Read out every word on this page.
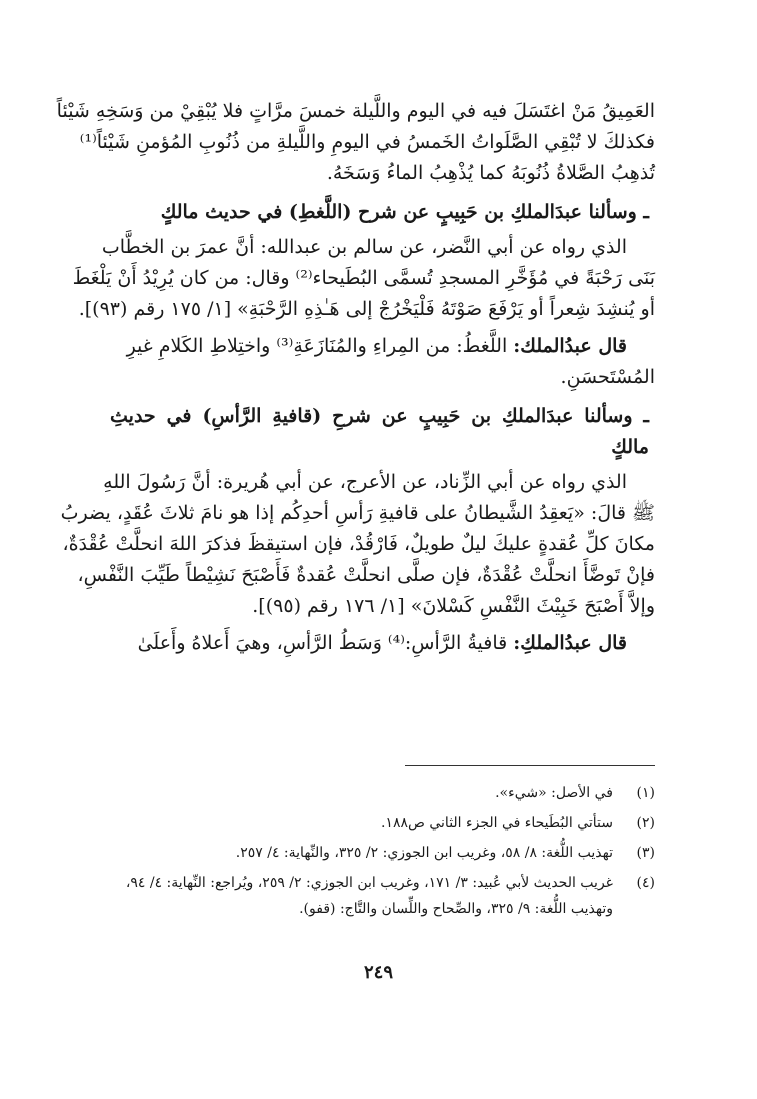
العَمِيقُ مَنْ اغتَسَلَ فيه في اليوم واللَّيلة خمسَ مرَّاتٍ فلا يُبْقِيْ من وَسَخِهِ شَيْئاً
فكذلكَ لا تُبْقِي الصَّلَواتُ الخَمسُ في اليومِ واللَّيلةِ من ذُنُوبِ المُؤمنِ شَيْئاً⁽¹⁾
تُذهِبُ الصَّلاةُ ذُنُوبَهُ كما يُذْهِبُ الماءُ وَسَخَهُ.
ـ وسألنا عبدَالملكِ بن حَبِيبٍ عن شرح (اللَّغطِ) في حديث مالكٍ
الذي رواه عن أبي النَّضر، عن سالم بن عبدالله: أنَّ عمرَ بن الخطَّاب
بَنَى رَحْبَةً في مُؤَخَّرِ المسجدِ تُسمَّى البُطَيحاء⁽²⁾ وقال: من كان يُرِيْدُ أَنْ يَلْغَطَ
أو يُنشِدَ شِعراً أو يَرْفَعَ صَوْتَهُ فَلْيَخْرُجْ إلى هَـٰذِهِ الرَّحْبَةِ» [١/ ١٧٥ رقم (٩٣)].
قال عبدُالملك: اللَّغطُ: من المِراءِ والمُنَازَعَةِ⁽³⁾ واختِلاطِ الكَلامِ غيرِ
المُسْتَحسَنِ.
ـ وسألنا عبدَالملكِ بن حَبِيبٍ عن شرحِ (قافيةِ الرَّأسِ) في حديثِ مالكٍ
الذي رواه عن أبي الزِّناد، عن الأعرج، عن أبي هُريرة: أنَّ رَسُولَ اللهِ
ﷺ قالَ: «يَعقِدُ الشَّيطانُ على قافيةِ رَأسِ أحدِكُم إذا هو نامَ ثلاثَ عُقَدٍ، يضربُ
مكانَ كلِّ عُقدةٍ عليكَ ليلٌ طويلٌ، فَارْقُدْ، فإن استيقظَ فذكرَ اللهَ انحلَّتْ عُقْدَةٌ،
فإنْ تَوضَّأَ انحلَّتْ عُقْدَةٌ، فإن صلَّى انحلَّتْ عُقدةٌ فَأَصْبَحَ نَشِيْطاً طَيِّبَ النَّفْسِ،
وإلاَّ أَصْبَحَ خَبِيْثَ النَّفْسِ كَسْلانَ» [١/ ١٧٦ رقم (٩٥)].
قال عبدُالملكِ: قافيةُ الرَّأسِ:⁽⁴⁾ وَسَطُ الرَّأسِ، وهيَ أَعلاهُ وأَعلَىٰ
(١)
في الأصل: «شيء».
(٢)
ستأتي البُطَيحاء في الجزء الثاني ص١٨٨.
(٣)
تهذيب اللُّغة: ٨/ ٥٨، وغريب ابن الجوزي: ٢/ ٣٢٥، والنِّهاية: ٤/ ٢٥٧.
(٤)
غريب الحديث لأبي عُبيد: ٣/ ١٧١، وغريب ابن الجوزي: ٢/ ٢٥٩، ويُراجع: النِّهاية: ٤/ ٩٤، وتهذيب اللُّغة: ٩/ ٣٢٥، والصِّحاح واللِّسان والتَّاج: (قفو).
٢٤٩
